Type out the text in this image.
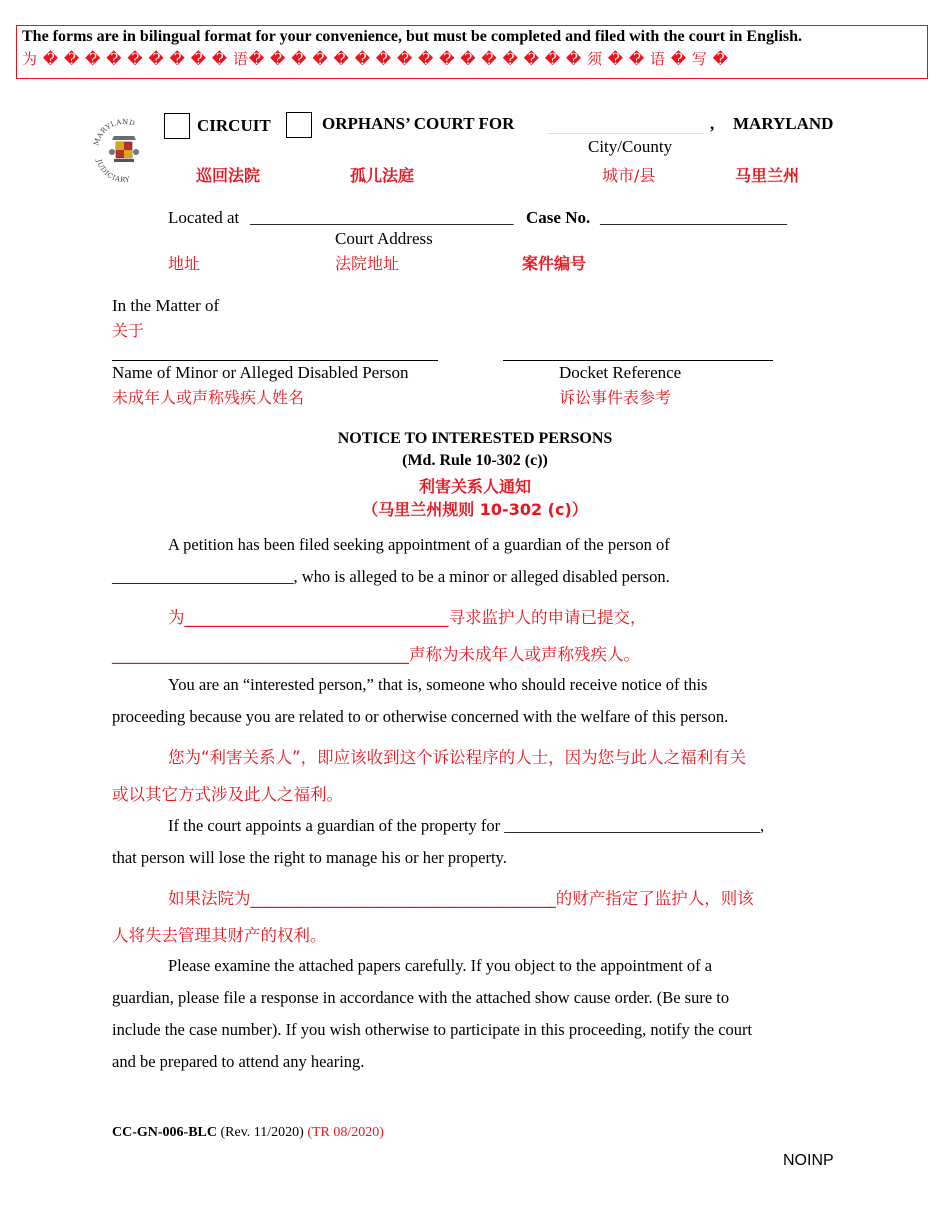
The forms are in bilingual format for your convenience, but must be completed and filed with the court in English.
为 � � � � � � � � � 语� � � � � � � � � � � � � � � � 须 � � 语 � 写 �
MARYLAND
JUDICIARY
CIRCUIT	ORPHANS’ COURT FOR	, MARYLAND
City/County
巡回法院	孤儿法庭	城市/县	马里兰州
Located at _______________________________ Case No. ______________________
Court Address
地址	法院地址	案件编号
In the Matter of
关于
Name of Minor or Alleged Disabled Person	Docket Reference
未成年人或声称残疾人姓名	诉讼事件表参考
NOTICE TO INTERESTED PERSONS
(Md. Rule 10-302 (c))
利害关系人通知
（马里兰州规则 10-302 (c)）
A petition has been filed seeking appointment of a guardian of the person of
______________________, who is alleged to be a minor or alleged disabled person.
为________________________________寻求监护人的申请已提交，
____________________________________声称为未成年人或声称残疾人。
You are an “interested person,” that is, someone who should receive notice of this
proceeding because you are related to or otherwise concerned with the welfare of this person.
您为“利害关系人”，即应该收到这个诉讼程序的人士，因为您与此人之福利有关
或以其它方式涉及此人之福利。
If the court appoints a guardian of the property for _______________________________,
that person will lose the right to manage his or her property.
如果法院为_____________________________________的财产指定了监护人，则该
人将失去管理其财产的权利。
Please examine the attached papers carefully. If you object to the appointment of a
guardian, please file a response in accordance with the attached show cause order. (Be sure to
include the case number). If you wish otherwise to participate in this proceeding, notify the court
and be prepared to attend any hearing.
CC-GN-006-BLC (Rev. 11/2020) (TR 08/2020)
NOINP
